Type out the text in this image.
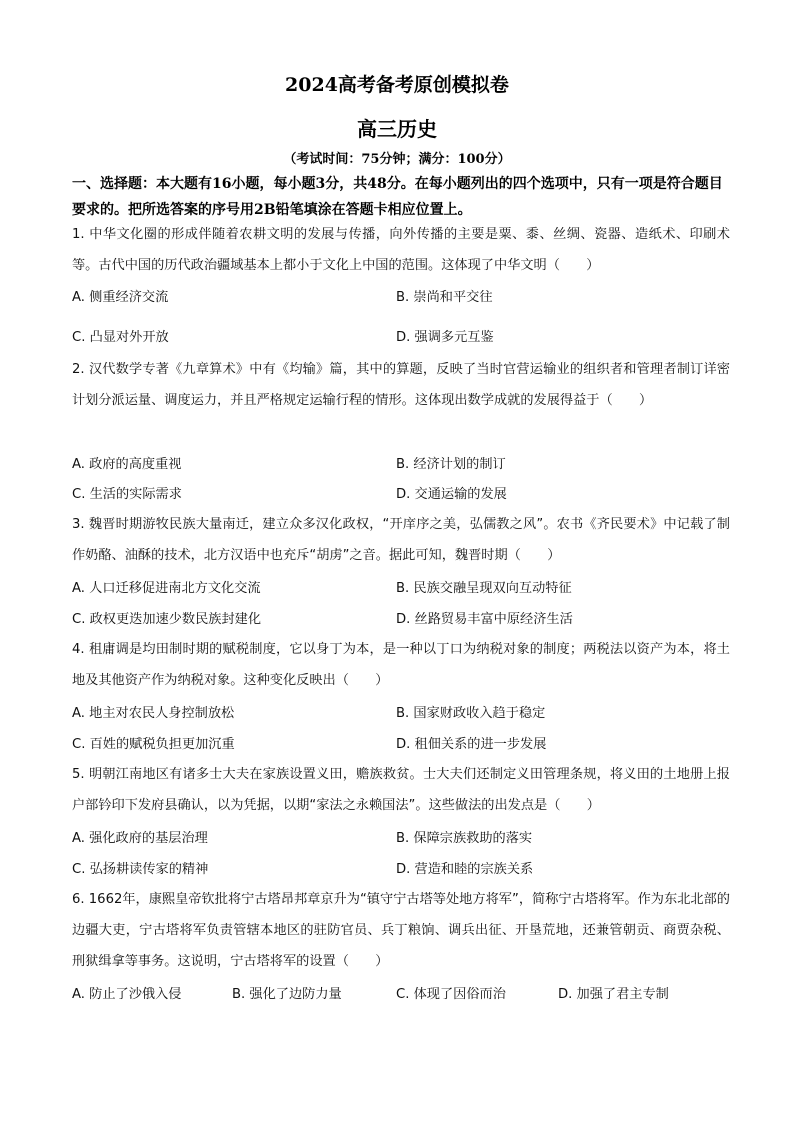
2024高考备考原创模拟卷
高三历史
（考试时间：75分钟；满分：100分）
一、选择题：本大题有16小题，每小题3分，共48分。在每小题列出的四个选项中，只有一项是符合题目要求的。把所选答案的序号用2B铅笔填涂在答题卡相应位置上。
1. 中华文化圈的形成伴随着农耕文明的发展与传播，向外传播的主要是粟、黍、丝绸、瓷器、造纸术、印刷术等。古代中国的历代政治疆域基本上都小于文化上中国的范围。这体现了中华文明（　　）
A. 侧重经济交流	B. 崇尚和平交往
C. 凸显对外开放	D. 强调多元互鉴
2. 汉代数学专著《九章算术》中有《均输》篇，其中的算题，反映了当时官营运输业的组织者和管理者制订详密计划分派运量、调度运力，并且严格规定运输行程的情形。这体现出数学成就的发展得益于（　　）
A. 政府的高度重视	B. 经济计划的制订
C. 生活的实际需求	D. 交通运输的发展
3. 魏晋时期游牧民族大量南迁，建立众多汉化政权，“开庠序之美，弘儒教之风”。农书《齐民要术》中记载了制作奶酪、油酥的技术，北方汉语中也充斥“胡虏”之音。据此可知，魏晋时期（　　）
A. 人口迁移促进南北方文化交流	B. 民族交融呈现双向互动特征
C. 政权更迭加速少数民族封建化	D. 丝路贸易丰富中原经济生活
4. 租庸调是均田制时期的赋税制度，它以身丁为本，是一种以丁口为纳税对象的制度；两税法以资产为本，将土地及其他资产作为纳税对象。这种变化反映出（　　）
A. 地主对农民人身控制放松	B. 国家财政收入趋于稳定
C. 百姓的赋税负担更加沉重	D. 租佃关系的进一步发展
5. 明朝江南地区有诸多士大夫在家族设置义田，赡族救贫。士大夫们还制定义田管理条规，将义田的土地册上报户部钤印下发府县确认，以为凭据，以期“家法之永赖国法”。这些做法的出发点是（　　）
A. 强化政府的基层治理	B. 保障宗族救助的落实
C. 弘扬耕读传家的精神	D. 营造和睦的宗族关系
6. 1662年，康熙皇帝钦批将宁古塔昂邦章京升为“镇守宁古塔等处地方将军”，简称宁古塔将军。作为东北北部的边疆大吏，宁古塔将军负责管辖本地区的驻防官员、兵丁粮饷、调兵出征、开垦荒地，还兼管朝贡、商贾杂税、刑狱缉拿等事务。这说明，宁古塔将军的设置（　　）
A. 防止了沙俄入侵	B. 强化了边防力量	C. 体现了因俗而治	D. 加强了君主专制
